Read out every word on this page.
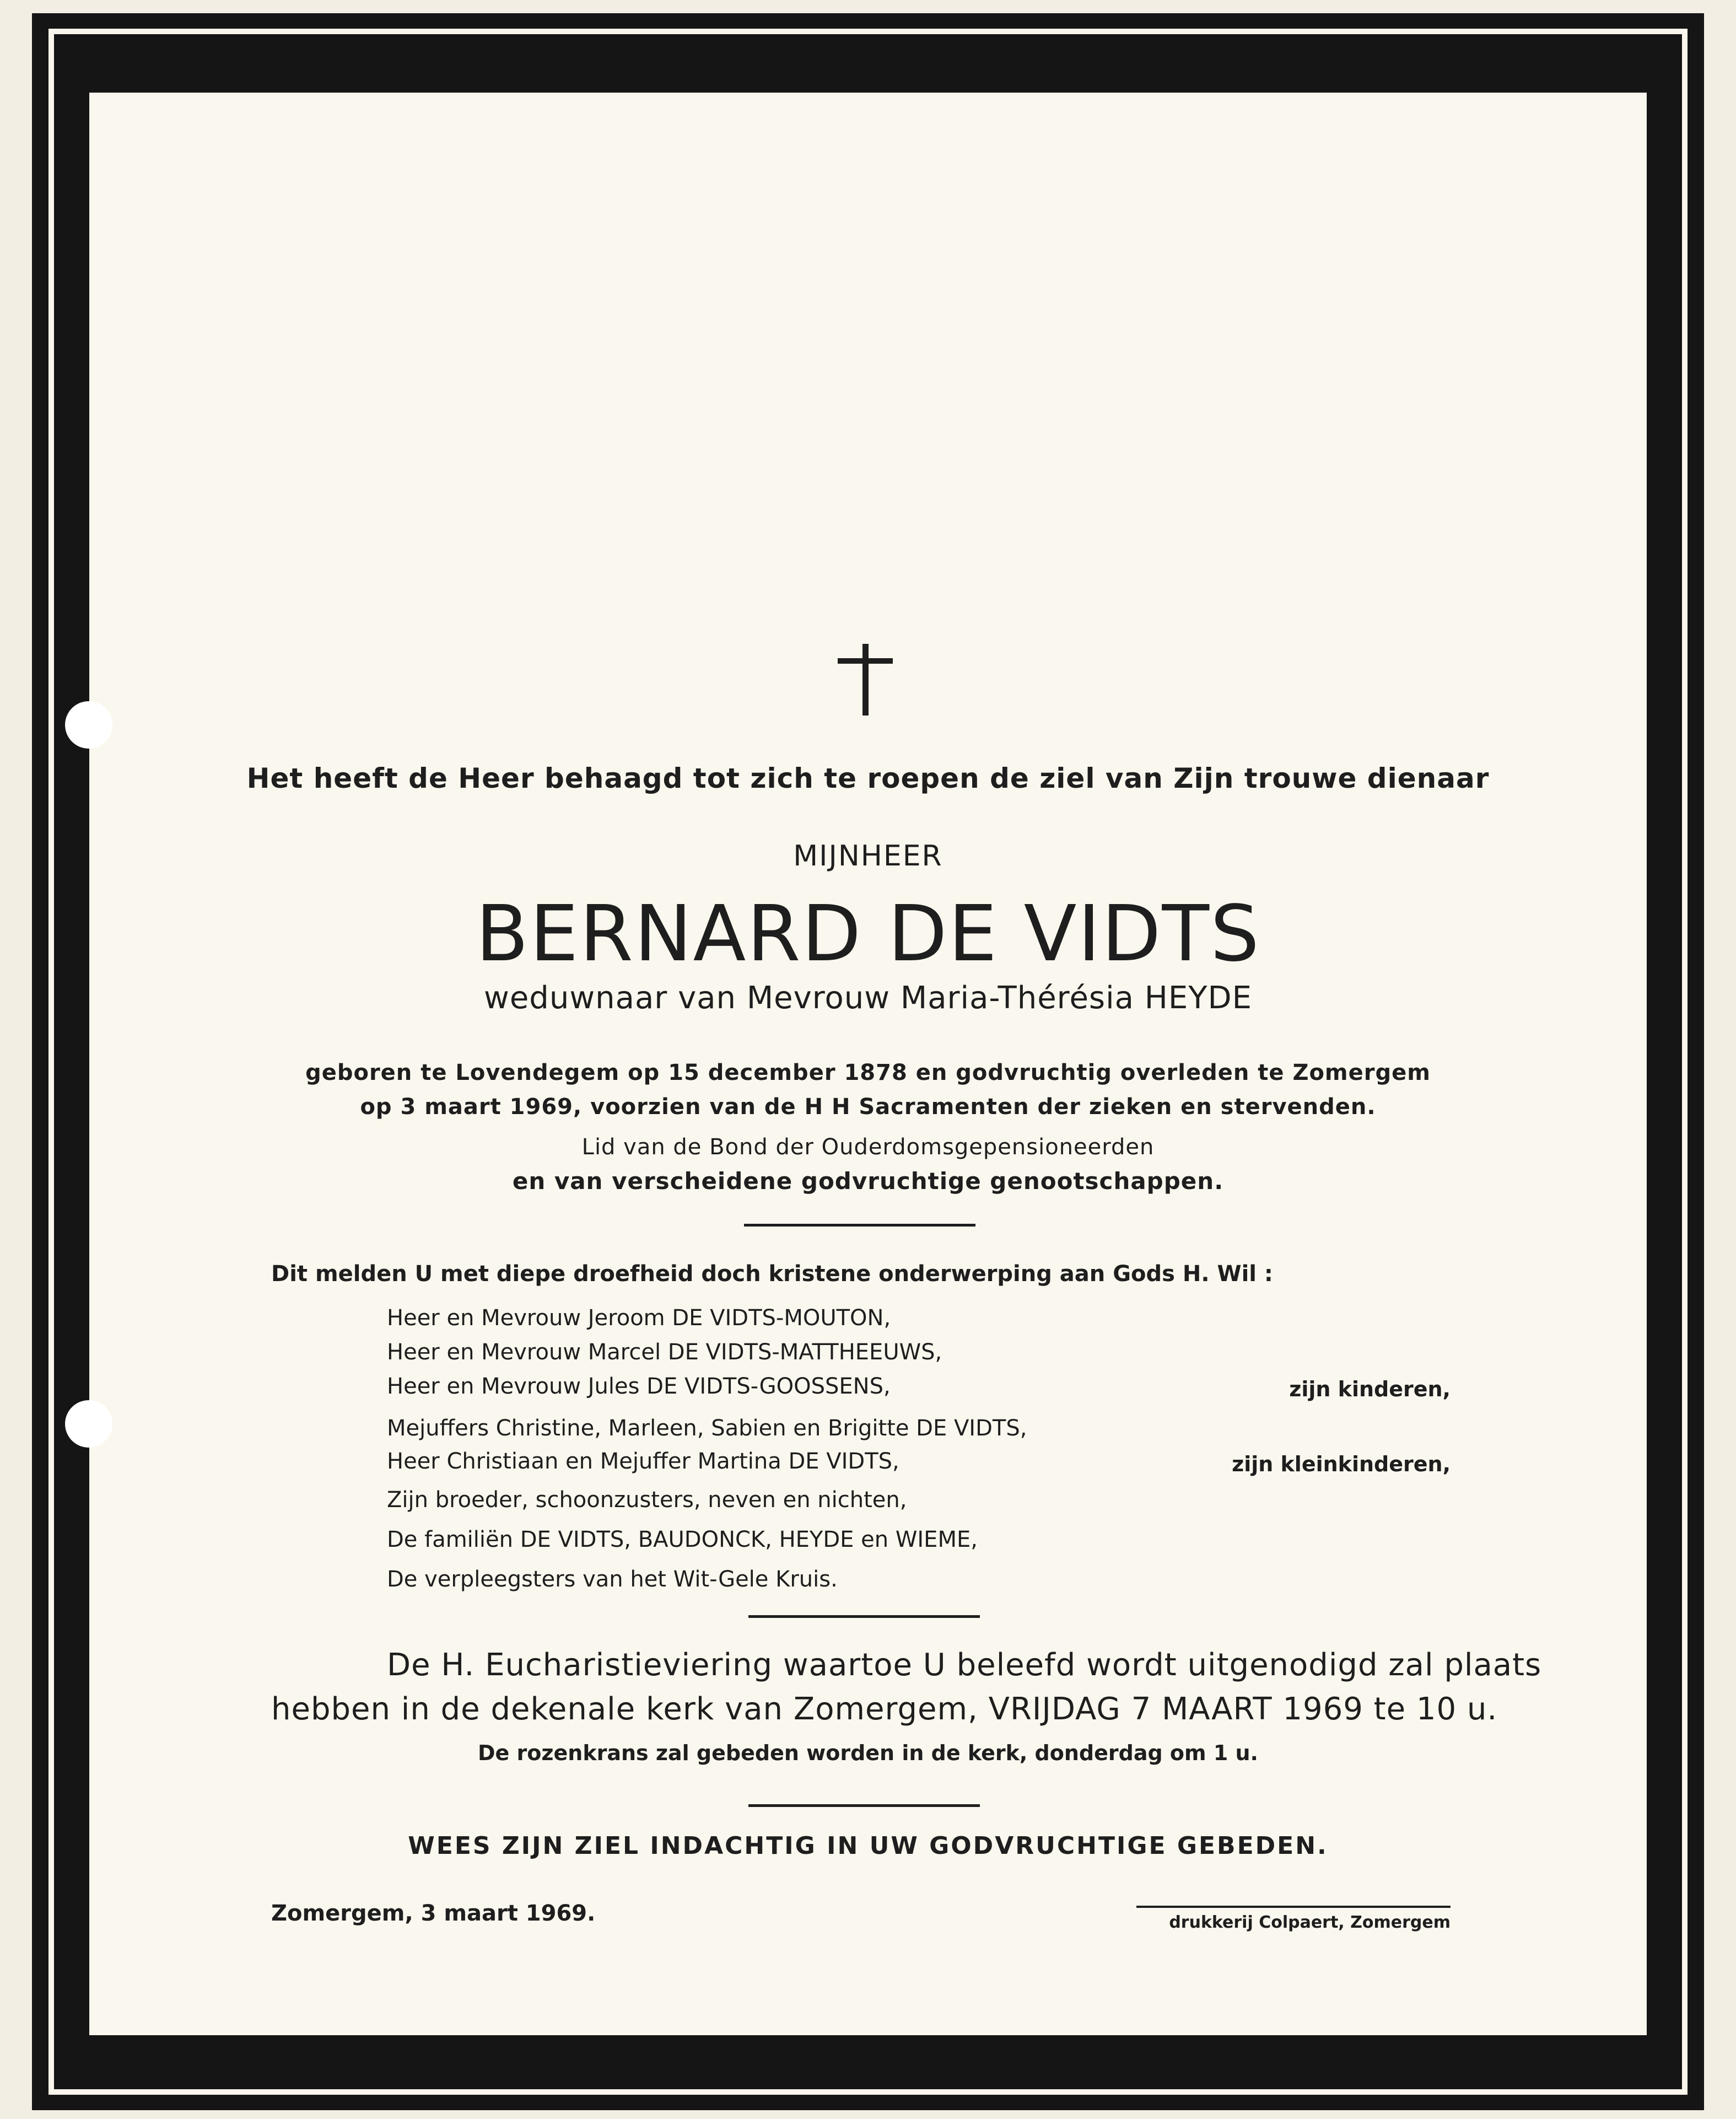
Het heeft de Heer behaagd tot zich te roepen de ziel van Zijn trouwe dienaar
MIJNHEER
BERNARD DE VIDTS
weduwnaar van Mevrouw Maria-Thérésia HEYDE
geboren te Lovendegem op 15 december 1878 en godvruchtig overleden te Zomergem
op 3 maart 1969, voorzien van de H H Sacramenten der zieken en stervenden.
Lid van de Bond der Ouderdomsgepensioneerden
en van verscheidene godvruchtige genootschappen.
Dit melden U met diepe droefheid doch kristene onderwerping aan Gods H. Wil :
Heer en Mevrouw Jeroom DE VIDTS-MOUTON,
Heer en Mevrouw Marcel DE VIDTS-MATTHEEUWS,
Heer en Mevrouw Jules DE VIDTS-GOOSSENS,	zijn kinderen,
Mejuffers Christine, Marleen, Sabien en Brigitte DE VIDTS,
Heer Christiaan en Mejuffer Martina DE VIDTS,	zijn kleinkinderen,
Zijn broeder, schoonzusters, neven en nichten,
De familiën DE VIDTS, BAUDONCK, HEYDE en WIEME,
De verpleegsters van het Wit-Gele Kruis.
De H. Eucharistieviering waartoe U beleefd wordt uitgenodigd zal plaats
hebben in de dekenale kerk van Zomergem, VRIJDAG 7 MAART 1969 te 10 u.
De rozenkrans zal gebeden worden in de kerk, donderdag om 1 u.
WEES ZIJN ZIEL INDACHTIG IN UW GODVRUCHTIGE GEBEDEN.
Zomergem, 3 maart 1969.	drukkerij Colpaert, Zomergem
